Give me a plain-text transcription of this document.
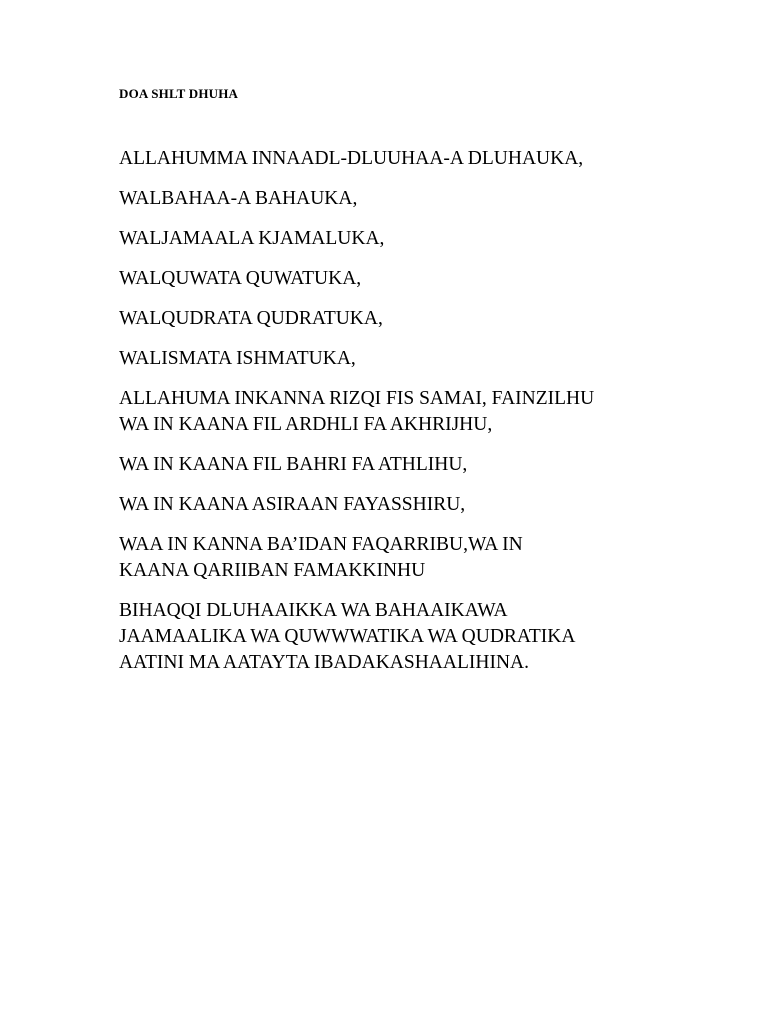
DOA SHLT DHUHA

ALLAHUMMA INNAADL-DLUUHAA-A DLUHAUKA,

WALBAHAA-A BAHAUKA,

WALJAMAALA KJAMALUKA,

WALQUWATA QUWATUKA,

WALQUDRATA QUDRATUKA,

WALISMATA ISHMATUKA,

ALLAHUMA INKANNA RIZQI FIS SAMAI, FAINZILHU
WA IN KAANA FIL ARDHLI FA AKHRIJHU,

WA IN KAANA FIL BAHRI FA ATHLIHU,

WA IN KAANA ASIRAAN FAYASSHIRU,

WAA IN KANNA BA’IDAN FAQARRIBU,WA IN
KAANA QARIIBAN FAMAKKINHU

BIHAQQI DLUHAAIKKA WA BAHAAIKAWA
JAAMAALIKA WA QUWWWATIKA WA QUDRATIKA
AATINI MA AATAYTA IBADAKASHAALIHINA.
